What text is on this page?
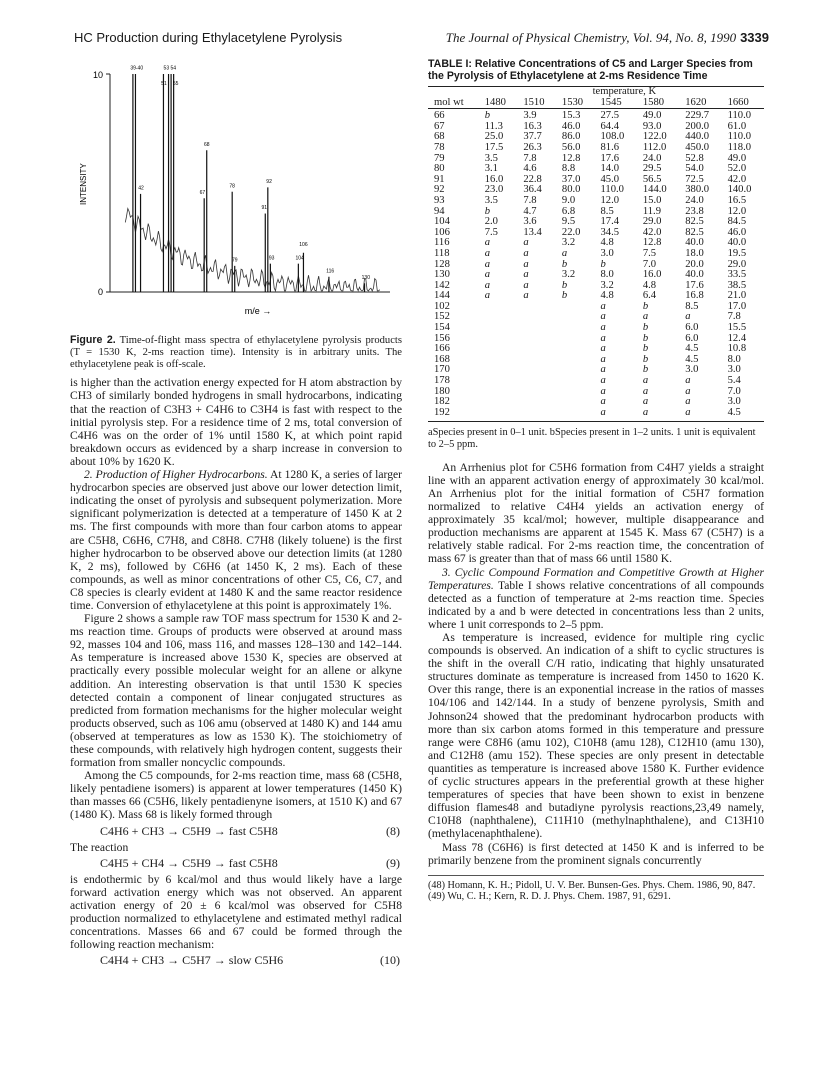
HC Production during Ethylacetylene Pyrolysis	The Journal of Physical Chemistry, Vol. 94, No. 8, 1990 3339
10
0
INTENSITY
m/e →
39-40	53 54
51 55
68
42
67
78
92
91
106
93	104
116
130
79

Figure 2. Time-of-flight mass spectra of ethylacetylene pyrolysis products (T = 1530 K, 2-ms reaction time). Intensity is in arbitrary units. The ethylacetylene peak is off-scale.

is higher than the activation energy expected for H atom abstraction by CH3 of similarly bonded hydrogens in small hydrocarbons, indicating that the reaction of C3H3 + C4H6 to C3H4 is fast with respect to the initial pyrolysis step. For a residence time of 2 ms, total conversion of C4H6 was on the order of 1% until 1580 K, at which point rapid breakdown occurs as evidenced by a sharp increase in conversion to about 10% by 1620 K.

2. Production of Higher Hydrocarbons. At 1280 K, a series of larger hydrocarbon species are observed just above our lower detection limit, indicating the onset of pyrolysis and subsequent polymerization. More significant polymerization is detected at a temperature of 1450 K at 2 ms. The first compounds with more than four carbon atoms to appear are C5H8, C6H6, C7H8, and C8H8. C7H8 (likely toluene) is the first higher hydrocarbon to be observed above our detection limits (at 1280 K, 2 ms), followed by C6H6 (at 1450 K, 2 ms). Each of these compounds, as well as minor concentrations of other C5, C6, C7, and C8 species is clearly evident at 1480 K and the same reactor residence time. Conversion of ethylacetylene at this point is approximately 1%.

Figure 2 shows a sample raw TOF mass spectrum for 1530 K and 2-ms reaction time. Groups of products were observed at around mass 92, masses 104 and 106, mass 116, and masses 128–130 and 142–144. As temperature is increased above 1530 K, species are observed at practically every possible molecular weight for an allene or alkyne addition. An interesting observation is that until 1530 K species detected contain a component of linear conjugated structures as predicted from formation mechanisms for the higher molecular weight products observed, such as 106 amu (observed at 1480 K) and 144 amu (observed at temperatures as low as 1530 K). The stoichiometry of these compounds, with relatively high hydrogen content, suggests their formation from smaller noncyclic compounds.

Among the C5 compounds, for 2-ms reaction time, mass 68 (C5H8, likely pentadiene isomers) is apparent at lower temperatures (1450 K) than masses 66 (C5H6, likely pentadienyne isomers, at 1510 K) and 67 (1480 K). Mass 68 is likely formed through

C4H6 + CH3 → C5H9 → fast C5H8	(8)

The reaction

C4H5 + CH4 → C5H9 → fast C5H8	(9)

is endothermic by 6 kcal/mol and thus would likely have a large forward activation energy which was not observed. An apparent activation energy of 20 ± 6 kcal/mol was observed for C5H8 production normalized to ethylacetylene and estimated methyl radical concentrations. Masses 66 and 67 could be formed through the following reaction mechanism:

C4H4 + CH3 → C5H7 → slow C5H6	(10)

TABLE I: Relative Concentrations of C5 and Larger Species from the Pyrolysis of Ethylacetylene at 2-ms Residence Time

	temperature, K						
mol wt	1480	1510	1530	1545	1580	1620	1660
66	b	3.9	15.3	27.5	49.0	229.7	110.0
67	11.3	16.3	46.0	64.4	93.0	200.0	61.0
68	25.0	37.7	86.0	108.0	122.0	440.0	110.0
78	17.5	26.3	56.0	81.6	112.0	450.0	118.0
79	3.5	7.8	12.8	17.6	24.0	52.8	49.0
80	3.1	4.6	8.8	14.0	29.5	54.0	52.0
91	16.0	22.8	37.0	45.0	56.5	72.5	42.0
92	23.0	36.4	80.0	110.0	144.0	380.0	140.0
93	3.5	7.8	9.0	12.0	15.0	24.0	16.5
94	b	4.7	6.8	8.5	11.9	23.8	12.0
104	2.0	3.6	9.5	17.4	29.0	82.5	84.5
106	7.5	13.4	22.0	34.5	42.0	82.5	46.0
116	a	a	3.2	4.8	12.8	40.0	40.0
118	a	a	a	3.0	7.5	18.0	19.5
128	a	a	b	b	7.0	20.0	29.0
130	a	a	3.2	8.0	16.0	40.0	33.5
142	a	a	b	3.2	4.8	17.6	38.5
144	a	a	b	4.8	6.4	16.8	21.0
102				a	b	8.5	17.0
152				a	a	a	7.8
154				a	b	6.0	15.5
156				a	b	6.0	12.4
166				a	b	4.5	10.8
168				a	b	4.5	8.0
170				a	b	3.0	3.0
178				a	a	a	5.4
180				a	a	a	7.0
182				a	a	a	3.0
192				a	a	a	4.5

aSpecies present in 0–1 unit. bSpecies present in 1–2 units. 1 unit is equivalent to 2–5 ppm.

An Arrhenius plot for C5H6 formation from C4H7 yields a straight line with an apparent activation energy of approximately 30 kcal/mol. An Arrhenius plot for the initial formation of C5H7 formation normalized to relative C4H4 yields an activation energy of approximately 35 kcal/mol; however, multiple disappearance and production mechanisms are apparent at 1545 K. Mass 67 (C5H7) is a relatively stable radical. For 2-ms reaction time, the concentration of mass 67 is greater than that of mass 66 until 1580 K.

3. Cyclic Compound Formation and Competitive Growth at Higher Temperatures. Table I shows relative concentrations of all compounds detected as a function of temperature at 2-ms reaction time. Species indicated by a and b were detected in concentrations less than 2 units, where 1 unit corresponds to 2–5 ppm.

As temperature is increased, evidence for multiple ring cyclic compounds is observed. An indication of a shift to cyclic structures is the shift in the overall C/H ratio, indicating that highly unsaturated structures dominate as temperature is increased from 1450 to 1620 K. Over this range, there is an exponential increase in the ratios of masses 104/106 and 142/144. In a study of benzene pyrolysis, Smith and Johnson24 showed that the predominant hydrocarbon products with more than six carbon atoms formed in this temperature and pressure range were C8H6 (amu 102), C10H8 (amu 128), C12H10 (amu 130), and C12H8 (amu 152). These species are only present in detectable quantities as temperature is increased above 1580 K. Further evidence of cyclic structures appears in the preferential growth at these higher temperatures of species that have been shown to exist in benzene diffusion flames48 and butadiyne pyrolysis reactions,23,49 namely, C10H8 (naphthalene), C11H10 (methylnaphthalene), and C13H10 (methylacenaphthalene).

Mass 78 (C6H6) is first detected at 1450 K and is inferred to be primarily benzene from the prominent signals concurrently

(48) Homann, K. H.; Pidoll, U. V. Ber. Bunsen-Ges. Phys. Chem. 1986, 90, 847.
(49) Wu, C. H.; Kern, R. D. J. Phys. Chem. 1987, 91, 6291.
